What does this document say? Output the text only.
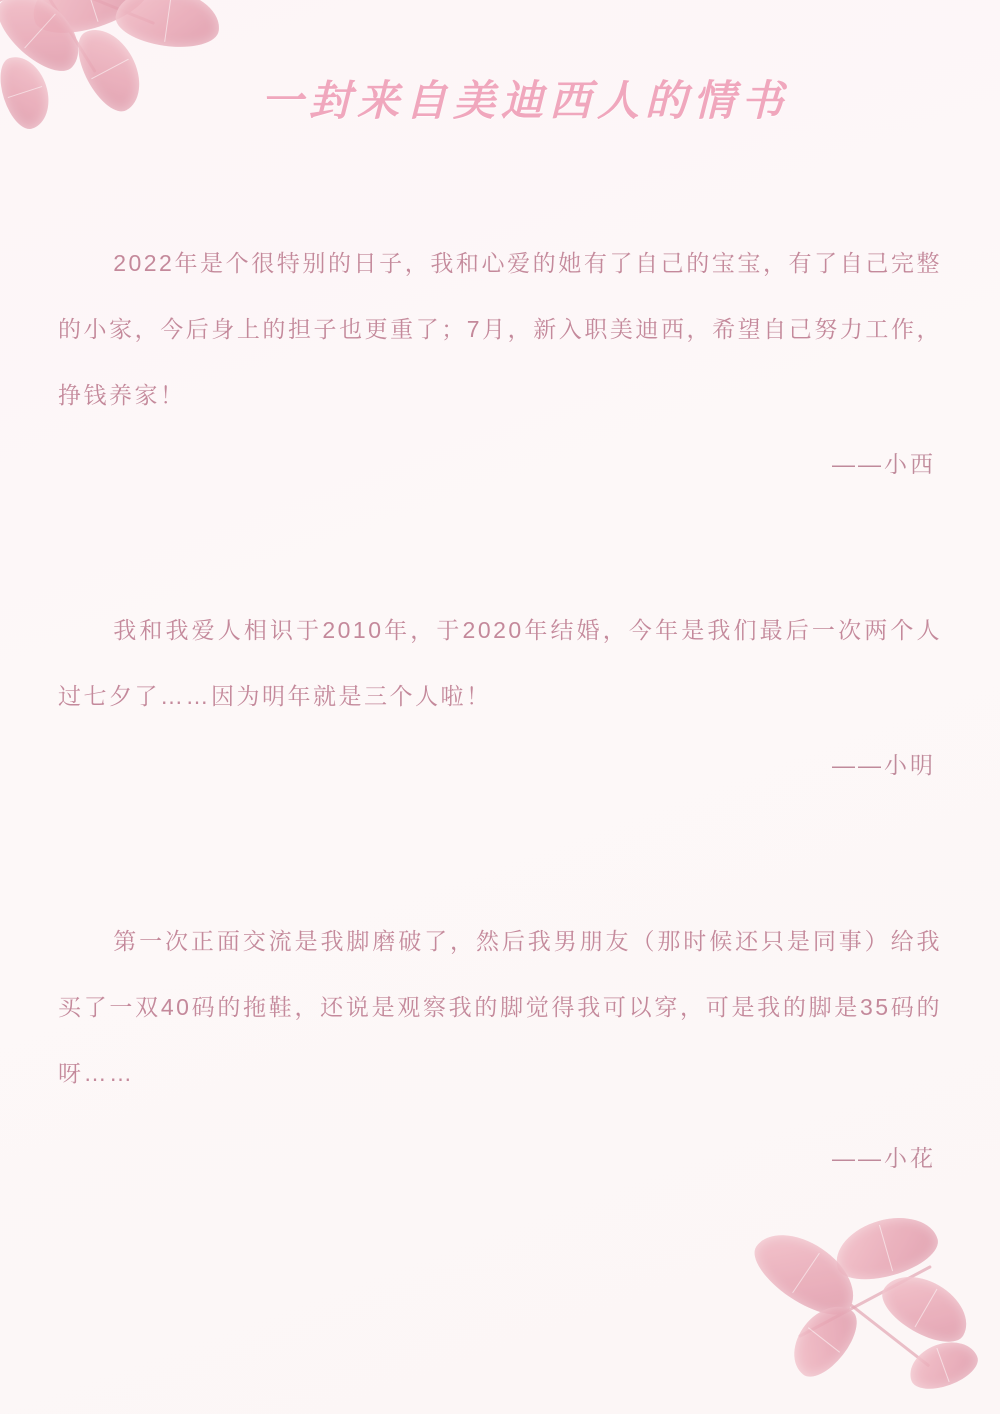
一封来自美迪西人的情书

2022年是个很特别的日子，我和心爱的她有了自己的宝宝，有了自己完整的小家，今后身上的担子也更重了；7月，新入职美迪西，希望自己努力工作，挣钱养家！

——小西

我和我爱人相识于2010年，于2020年结婚，今年是我们最后一次两个人过七夕了……因为明年就是三个人啦！

——小明

第一次正面交流是我脚磨破了，然后我男朋友（那时候还只是同事）给我买了一双40码的拖鞋，还说是观察我的脚觉得我可以穿，可是我的脚是35码的呀……

——小花
